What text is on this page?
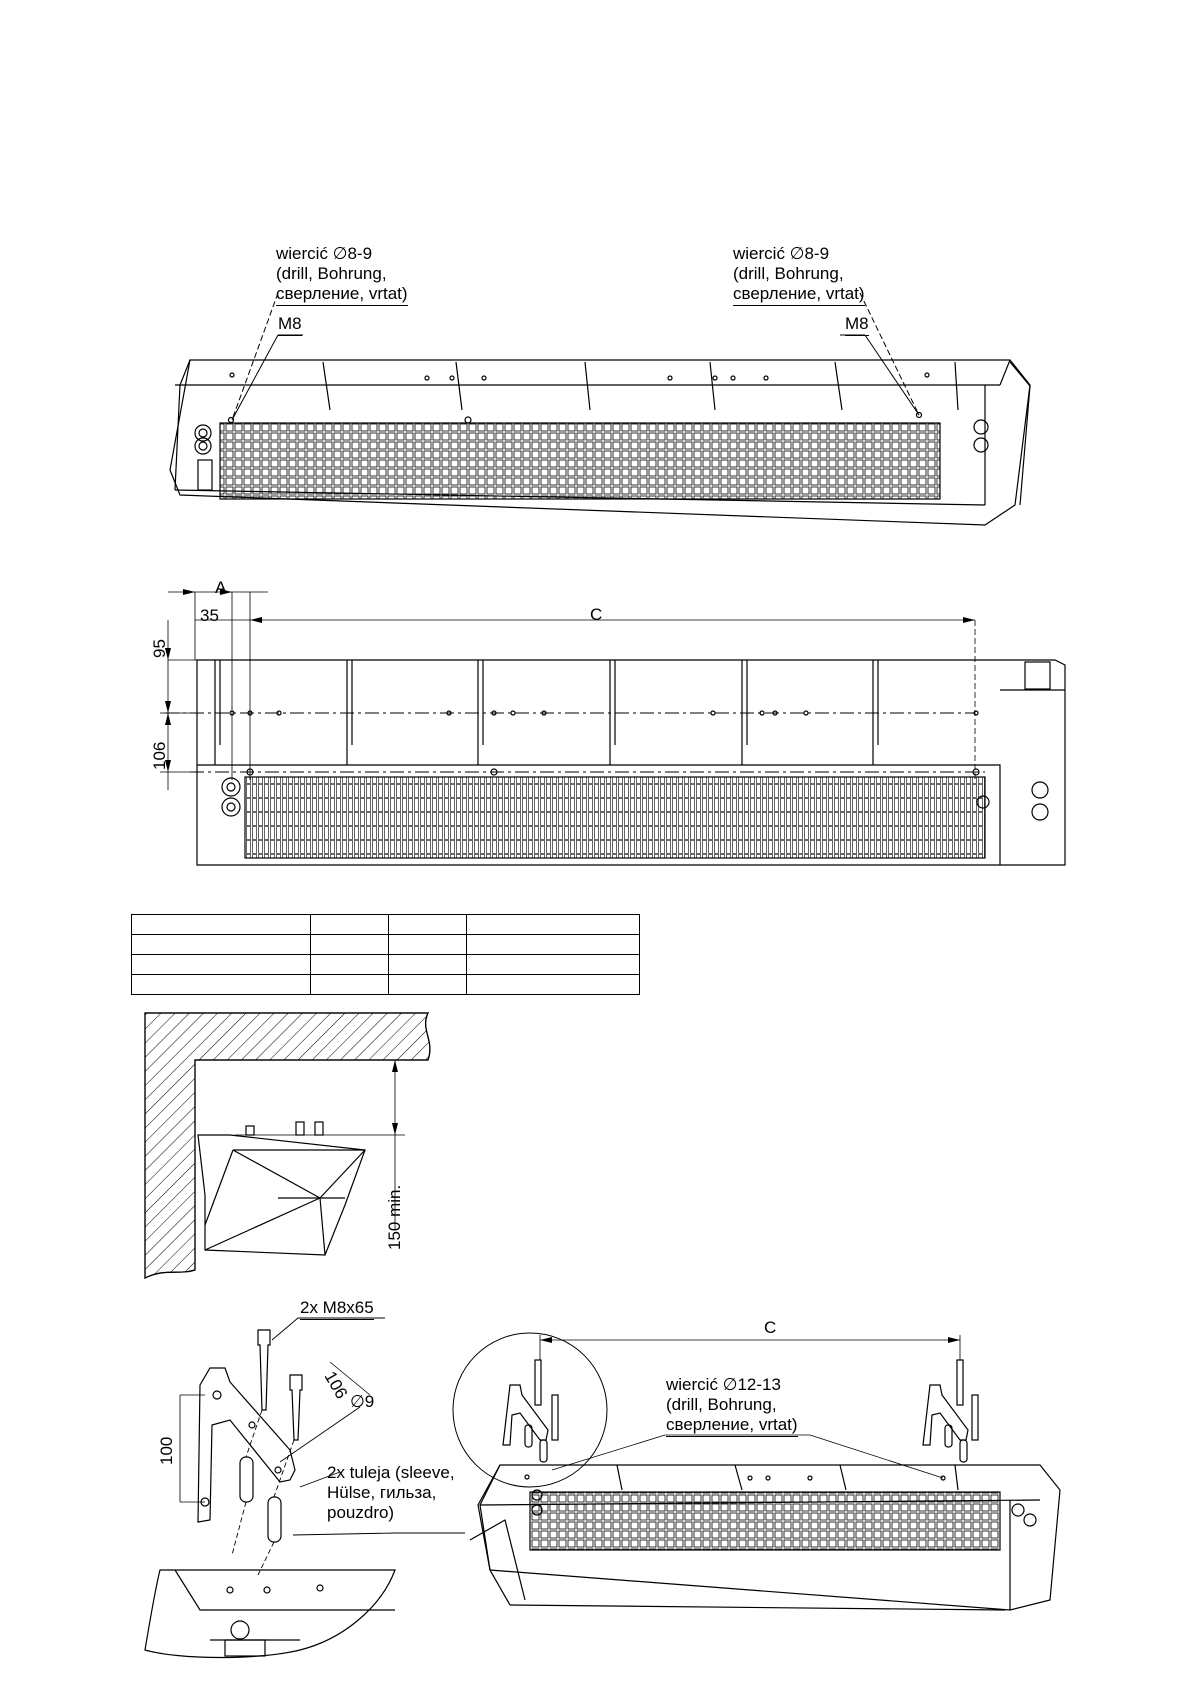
wiercić ∅8-9
(drill, Bohrung,
сверление, vrtat)
M8
wiercić ∅8-9
(drill, Bohrung,
сверление, vrtat)
M8
A
35	C
95
106

150 min.
2x M8x65
106
100
∅9
2x tuleja (sleeve,
Hülse, гильза,
pouzdro)
C
wiercić ∅12-13
(drill, Bohrung,
сверление, vrtat)
